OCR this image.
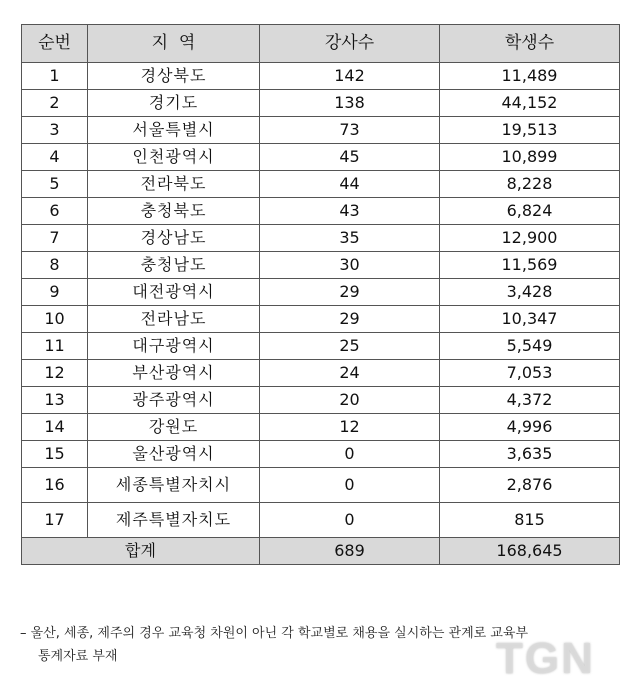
순번	지  역	강사수	학생수
1	경상북도	142	11,489
2	경기도	138	44,152
3	서울특별시	73	19,513
4	인천광역시	45	10,899
5	전라북도	44	8,228
6	충청북도	43	6,824
7	경상남도	35	12,900
8	충청남도	30	11,569
9	대전광역시	29	3,428
10	전라남도	29	10,347
11	대구광역시	25	5,549
12	부산광역시	24	7,053
13	광주광역시	20	4,372
14	강원도	12	4,996
15	울산광역시	0	3,635
16	세종특별자치시	0	2,876
17	제주특별자치도	0	815
합계		689	168,645
– 울산, 세종, 제주의 경우 교육청 차원이 아닌 각 학교별로 채용을 실시하는 관계로 교육부
통계자료 부재	TGN
